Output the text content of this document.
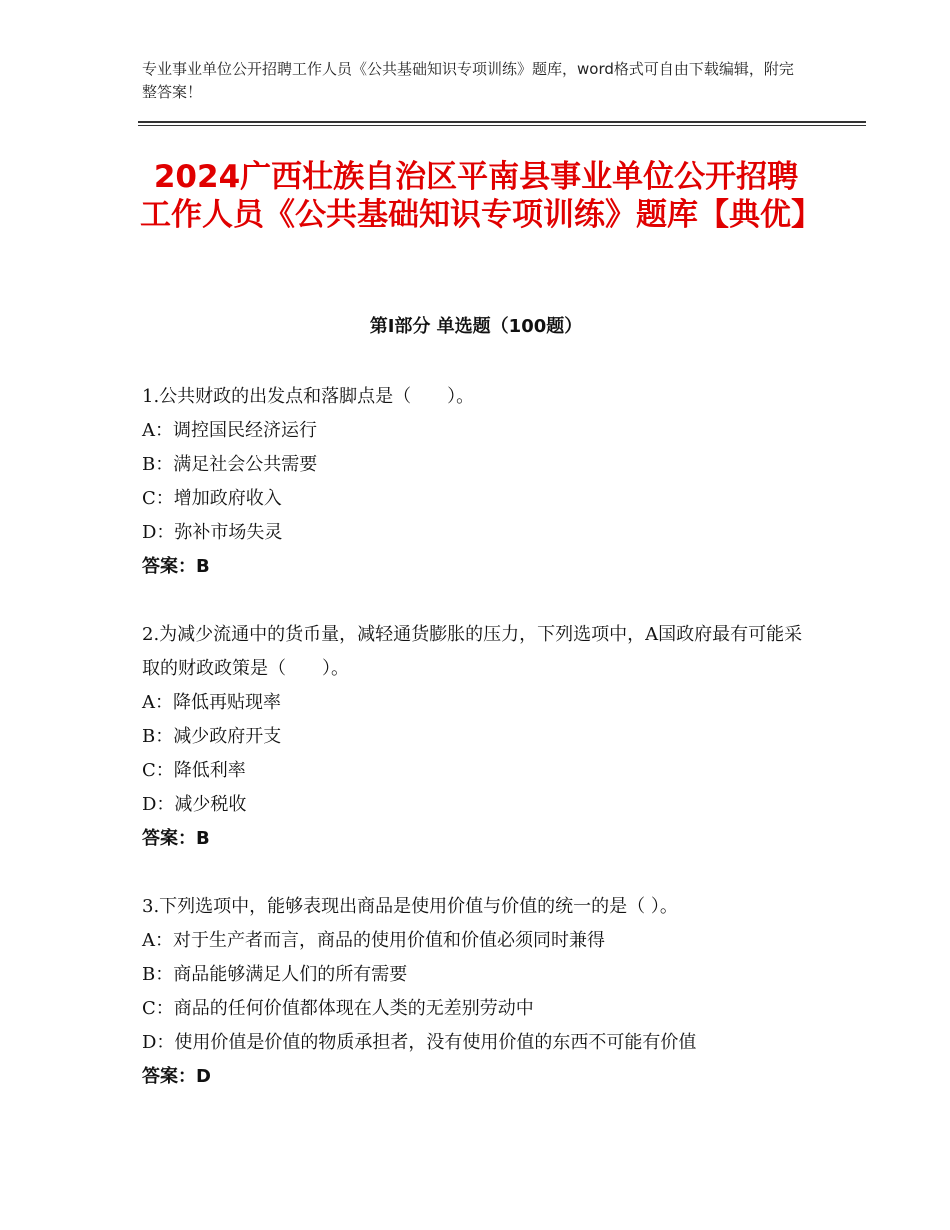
专业事业单位公开招聘工作人员《公共基础知识专项训练》题库，word格式可自由下载编辑，附完整答案！
2024广西壮族自治区平南县事业单位公开招聘工作人员《公共基础知识专项训练》题库【典优】
第Ⅰ部分 单选题（100题）
1.公共财政的出发点和落脚点是（　　）。
A：调控国民经济运行
B：满足社会公共需要
C：增加政府收入
D：弥补市场失灵
答案：B
2.为减少流通中的货币量，减轻通货膨胀的压力，下列选项中，A国政府最有可能采取的财政政策是（　　）。
A：降低再贴现率
B：减少政府开支
C：降低利率
D：减少税收
答案：B
3.下列选项中，能够表现出商品是使用价值与价值的统一的是（ ）。
A：对于生产者而言，商品的使用价值和价值必须同时兼得
B：商品能够满足人们的所有需要
C：商品的任何价值都体现在人类的无差别劳动中
D：使用价值是价值的物质承担者，没有使用价值的东西不可能有价值
答案：D
